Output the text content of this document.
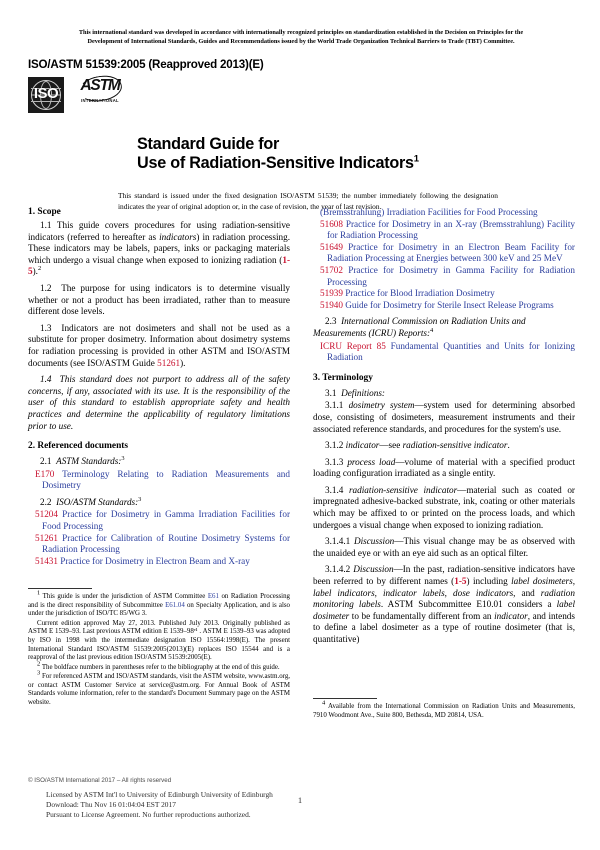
This international standard was developed in accordance with internationally recognized principles on standardization established in the Decision on Principles for the
Development of International Standards, Guides and Recommendations issued by the World Trade Organization Technical Barriers to Trade (TBT) Committee.
ISO/ASTM 51539:2005 (Reapproved 2013)(E)
ISO	ASTM
INTERNATIONAL
Standard Guide for
Use of Radiation-Sensitive Indicators$^1$
This standard is issued under the fixed designation ISO/ASTM 51539; the number immediately following the designation indicates the year of original adoption or, in the case of revision, the year of last revision.
1. Scope

1.1 This guide covers procedures for using radiation-sensitive indicators (referred to hereafter as indicators) in radiation processing. These indicators may be labels, papers, inks or packaging materials which undergo a visual change when exposed to ionizing radiation (1-5).$^2$

1.2 The purpose for using indicators is to determine visually whether or not a product has been irradiated, rather than to measure different dose levels.

1.3 Indicators are not dosimeters and shall not be used as a substitute for proper dosimetry. Information about dosimetry systems for radiation processing is provided in other ASTM and ISO/ASTM documents (see ISO/ASTM Guide 51261).

1.4 This standard does not purport to address all of the safety concerns, if any, associated with its use. It is the responsibility of the user of this standard to establish appropriate safety and health practices and determine the applicability of regulatory limitations prior to use.

2. Referenced documents

2.1 ASTM Standards:$^3$

E170 Terminology Relating to Radiation Measurements and Dosimetry

2.2 ISO/ASTM Standards:$^3$

51204 Practice for Dosimetry in Gamma Irradiation Facilities for Food Processing

51261 Practice for Calibration of Routine Dosimetry Systems for Radiation Processing

51431 Practice for Dosimetry in Electron Beam and X-ray

(Bremsstrahlung) Irradiation Facilities for Food Processing

51608 Practice for Dosimetry in an X-ray (Bremsstrahlung) Facility for Radiation Processing

51649 Practice for Dosimetry in an Electron Beam Facility for Radiation Processing at Energies between 300 keV and 25 MeV

51702 Practice for Dosimetry in Gamma Facility for Radiation Processing

51939 Practice for Blood Irradiation Dosimetry

51940 Guide for Dosimetry for Sterile Insect Release Programs

2.3 International Commission on Radiation Units and Measurements (ICRU) Reports:$^4$

ICRU Report 85 Fundamental Quantities and Units for Ionizing Radiation

3. Terminology

3.1 Definitions:

3.1.1 dosimetry system—system used for determining absorbed dose, consisting of dosimeters, measurement instruments and their associated reference standards, and procedures for the system's use.

3.1.2 indicator—see radiation-sensitive indicator.

3.1.3 process load—volume of material with a specified product loading configuration irradiated as a single entity.

3.1.4 radiation-sensitive indicator—material such as coated or impregnated adhesive-backed substrate, ink, coating or other materials which may be affixed to or printed on the process loads, and which undergoes a visual change when exposed to ionizing radiation.

3.1.4.1 Discussion—This visual change may be as observed with the unaided eye or with an eye aid such as an optical filter.

3.1.4.2 Discussion—In the past, radiation-sensitive indicators have been referred to by different names (1-5) including label dosimeters, label indicators, indicator labels, dose indicators, and radiation monitoring labels. ASTM Subcommittee E10.01 considers a label dosimeter to be fundamentally different from an indicator, and intends to define a label dosimeter as a type of routine dosimeter (that is, quantitative)

$^1$ This guide is under the jurisdiction of ASTM Committee E61 on Radiation Processing and is the direct responsibility of Subcommittee E61.04 on Specialty Application, and is also under the jurisdiction of ISO/TC 85/WG 3.

Current edition approved May 27, 2013. Published July 2013. Originally published as ASTM E 1539–93. Last previous ASTM edition E 1539–98ᵉ¹ . ASTM E 1539–93 was adopted by ISO in 1998 with the intermediate designation ISO 15564:1998(E). The present International Standard ISO/ASTM 51539:2005(2013)(E) replaces ISO 15544 and is a reapproval of the last previous edition ISO/ASTM 51539:2005(E).

$^2$ The boldface numbers in parentheses refer to the bibliography at the end of this guide.

$^3$ For referenced ASTM and ISO/ASTM standards, visit the ASTM website, www.astm.org, or contact ASTM Customer Service at service@astm.org. For Annual Book of ASTM Standards volume information, refer to the standard's Document Summary page on the ASTM website.	$^4$ Available from the International Commission on Radiation Units and Measurements, 7910 Woodmont Ave., Suite 800, Bethesda, MD 20814, USA.

© ISO/ASTM International 2017 – All rights reserved
Licensed by ASTM Int'l to University of Edinburgh University of Edinburgh
Download: Thu Nov 16 01:04:04 EST 2017
Pursuant to License Agreement. No further reproductions authorized.
1
